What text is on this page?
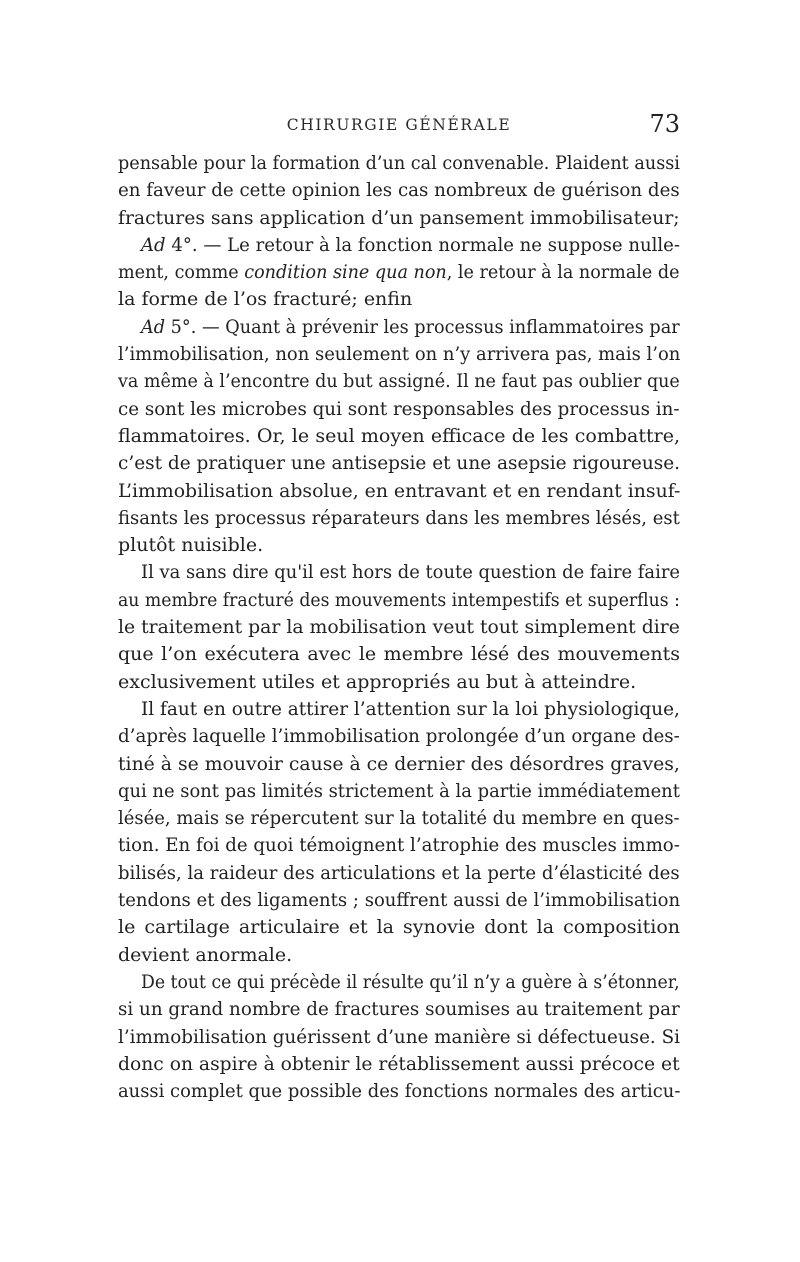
CHIRURGIE GÉNÉRALE	73
pensable pour la formation d’un cal convenable. Plaident aussi
en faveur de cette opinion les cas nombreux de guérison des
fractures sans application d’un pansement immobilisateur;
Ad 4°. — Le retour à la fonction normale ne suppose nulle-
ment, comme condition sine qua non, le retour à la normale de
la forme de l’os fracturé; enfin
Ad 5°. — Quant à prévenir les processus inflammatoires par
l’immobilisation, non seulement on n’y arrivera pas, mais l’on
va même à l’encontre du but assigné. Il ne faut pas oublier que
ce sont les microbes qui sont responsables des processus in-
flammatoires. Or, le seul moyen efficace de les combattre,
c’est de pratiquer une antisepsie et une asepsie rigoureuse.
L’immobilisation absolue, en entravant et en rendant insuf-
fisants les processus réparateurs dans les membres lésés, est
plutôt nuisible.
Il va sans dire qu'il est hors de toute question de faire faire
au membre fracturé des mouvements intempestifs et superflus :
le traitement par la mobilisation veut tout simplement dire
que l’on exécutera avec le membre lésé des mouvements
exclusivement utiles et appropriés au but à atteindre.
Il faut en outre attirer l’attention sur la loi physiologique,
d’après laquelle l’immobilisation prolongée d’un organe des-
tiné à se mouvoir cause à ce dernier des désordres graves,
qui ne sont pas limités strictement à la partie immédiatement
lésée, mais se répercutent sur la totalité du membre en ques-
tion. En foi de quoi témoignent l’atrophie des muscles immo-
bilisés, la raideur des articulations et la perte d’élasticité des
tendons et des ligaments ; souffrent aussi de l’immobilisation
le cartilage articulaire et la synovie dont la composition
devient anormale.
De tout ce qui précède il résulte qu’il n’y a guère à s’étonner,
si un grand nombre de fractures soumises au traitement par
l’immobilisation guérissent d’une manière si défectueuse. Si
donc on aspire à obtenir le rétablissement aussi précoce et
aussi complet que possible des fonctions normales des articu-
